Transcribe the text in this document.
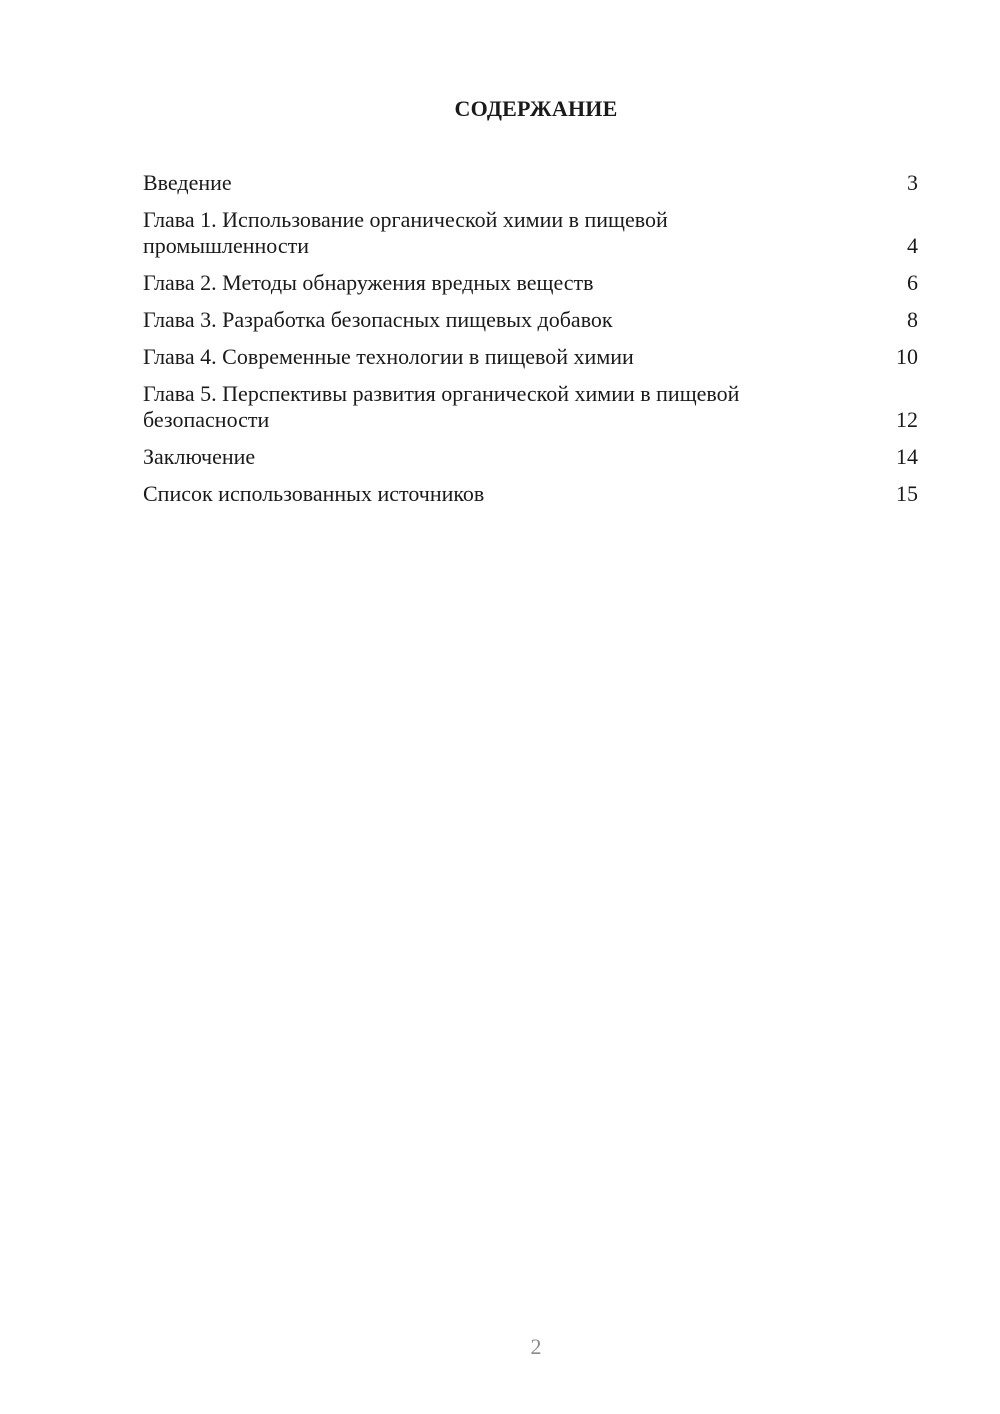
СОДЕРЖАНИЕ
Введение	3
Глава 1. Использование органической химии в пищевой промышленности	4
Глава 2. Методы обнаружения вредных веществ	6
Глава 3. Разработка безопасных пищевых добавок	8
Глава 4. Современные технологии в пищевой химии	10
Глава 5. Перспективы развития органической химии в пищевой безопасности	12
Заключение	14
Список использованных источников	15
2
